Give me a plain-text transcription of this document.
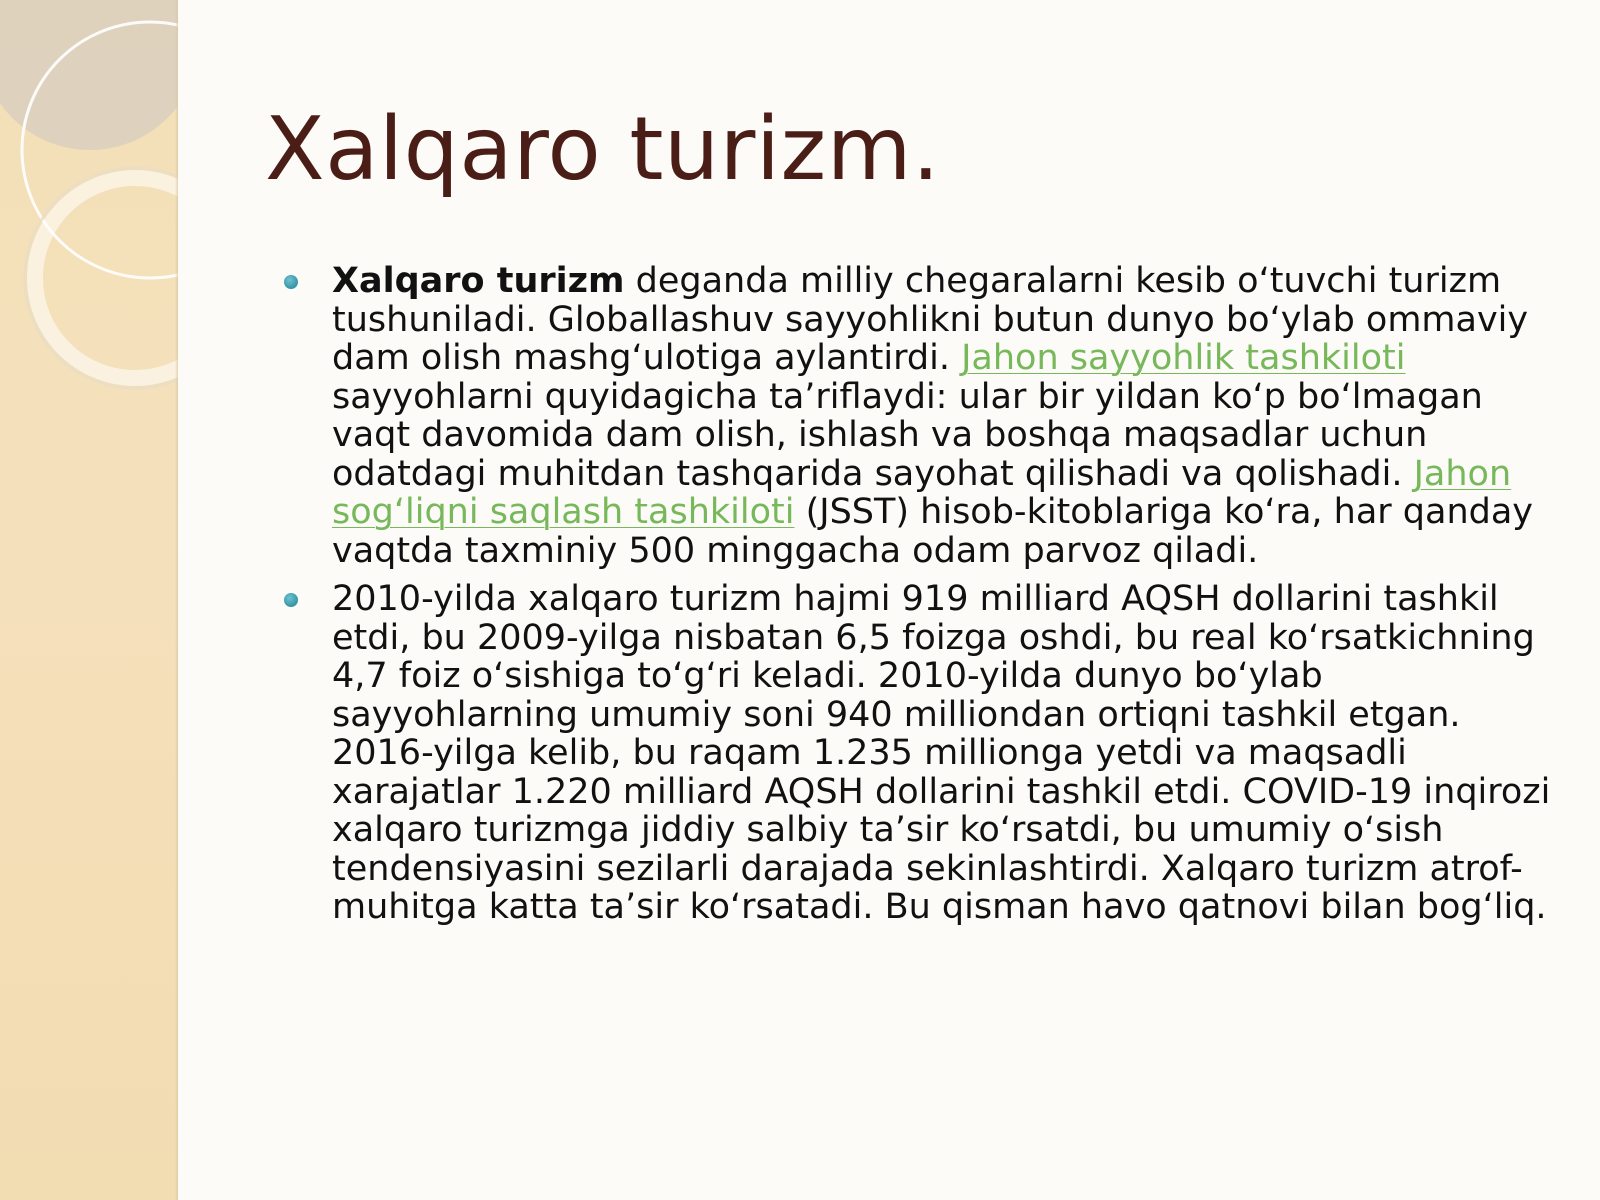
Xalqaro turizm.
Xalqaro turizm deganda milliy chegaralarni kesib oʻtuvchi turizm tushuniladi. Globallashuv sayyohlikni butun dunyo boʻylab ommaviy dam olish mashgʻulotiga aylantirdi. Jahon sayyohlik tashkiloti sayyohlarni quyidagicha taʼriflaydi: ular bir yildan koʻp boʻlmagan vaqt davomida dam olish, ishlash va boshqa maqsadlar uchun odatdagi muhitdan tashqarida sayohat qilishadi va qolishadi. Jahon sogʻliqni saqlash tashkiloti (JSST) hisob-kitoblariga koʻra, har qanday vaqtda taxminiy 500 minggacha odam parvoz qiladi.
2010-yilda xalqaro turizm hajmi 919 milliard AQSH dollarini tashkil etdi, bu 2009-yilga nisbatan 6,5 foizga oshdi, bu real koʻrsatkichning 4,7 foiz oʻsishiga toʻgʻri keladi. 2010-yilda dunyo boʻylab sayyohlarning umumiy soni 940 milliondan ortiqni tashkil etgan. 2016-yilga kelib, bu raqam 1.235 millionga yetdi va maqsadli xarajatlar 1.220 milliard AQSH dollarini tashkil etdi. COVID-19 inqirozi xalqaro turizmga jiddiy salbiy taʼsir koʻrsatdi, bu umumiy oʻsish tendensiyasini sezilarli darajada sekinlashtirdi. Xalqaro turizm atrof-muhitga katta taʼsir koʻrsatadi. Bu qisman havo qatnovi bilan bogʻliq.
